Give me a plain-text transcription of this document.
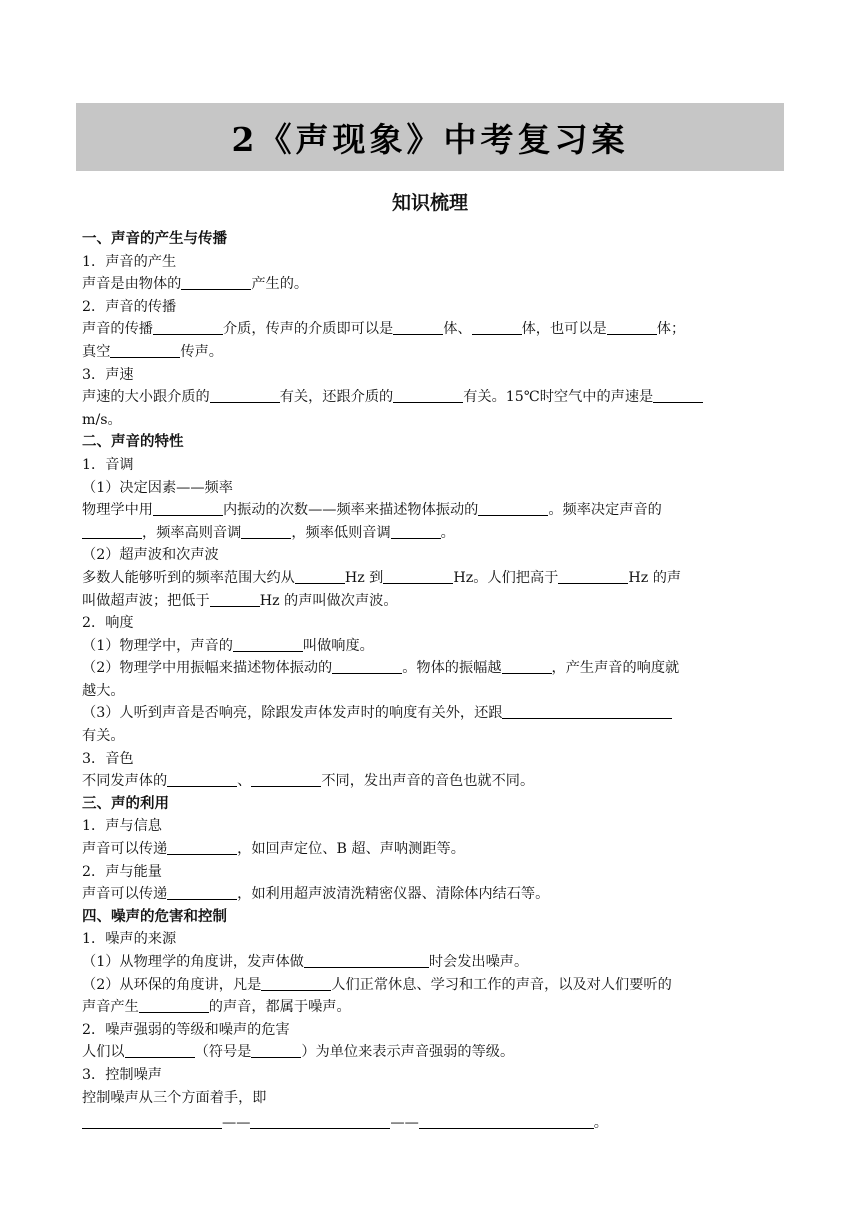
2《声现象》中考复习案
知识梳理
一、声音的产生与传播
1．声音的产生
声音是由物体的	产生的。
2．声音的传播
声音的传播	介质，传声的介质即可以是	体、	体，也可以是	体；
真空	传声。
3．声速
声速的大小跟介质的	有关，还跟介质的	有关。15℃时空气中的声速是
m/s。
二、声音的特性
1．音调
（1）决定因素——频率
物理学中用	内振动的次数——频率来描述物体振动的	。频率决定声音的
，频率高则音调	，频率低则音调	。
（2）超声波和次声波
多数人能够听到的频率范围大约从	Hz 到	Hz。人们把高于	Hz 的声
叫做超声波；把低于	Hz 的声叫做次声波。
2．响度
（1）物理学中，声音的	叫做响度。
（2）物理学中用振幅来描述物体振动的	。物体的振幅越	，产生声音的响度就
越大。
（3）人听到声音是否响亮，除跟发声体发声时的响度有关外，还跟
有关。
3．音色
不同发声体的	、	不同，发出声音的音色也就不同。
三、声的利用
1．声与信息
声音可以传递	，如回声定位、B 超、声呐测距等。
2．声与能量
声音可以传递	，如利用超声波清洗精密仪器、清除体内结石等。
四、噪声的危害和控制
1．噪声的来源
（1）从物理学的角度讲，发声体做	时会发出噪声。
（2）从环保的角度讲，凡是	人们正常休息、学习和工作的声音，以及对人们要听的
声音产生	的声音，都属于噪声。
2．噪声强弱的等级和噪声的危害
人们以	（符号是	）为单位来表示声音强弱的等级。
3．控制噪声
控制噪声从三个方面着手，即
——	——	。
